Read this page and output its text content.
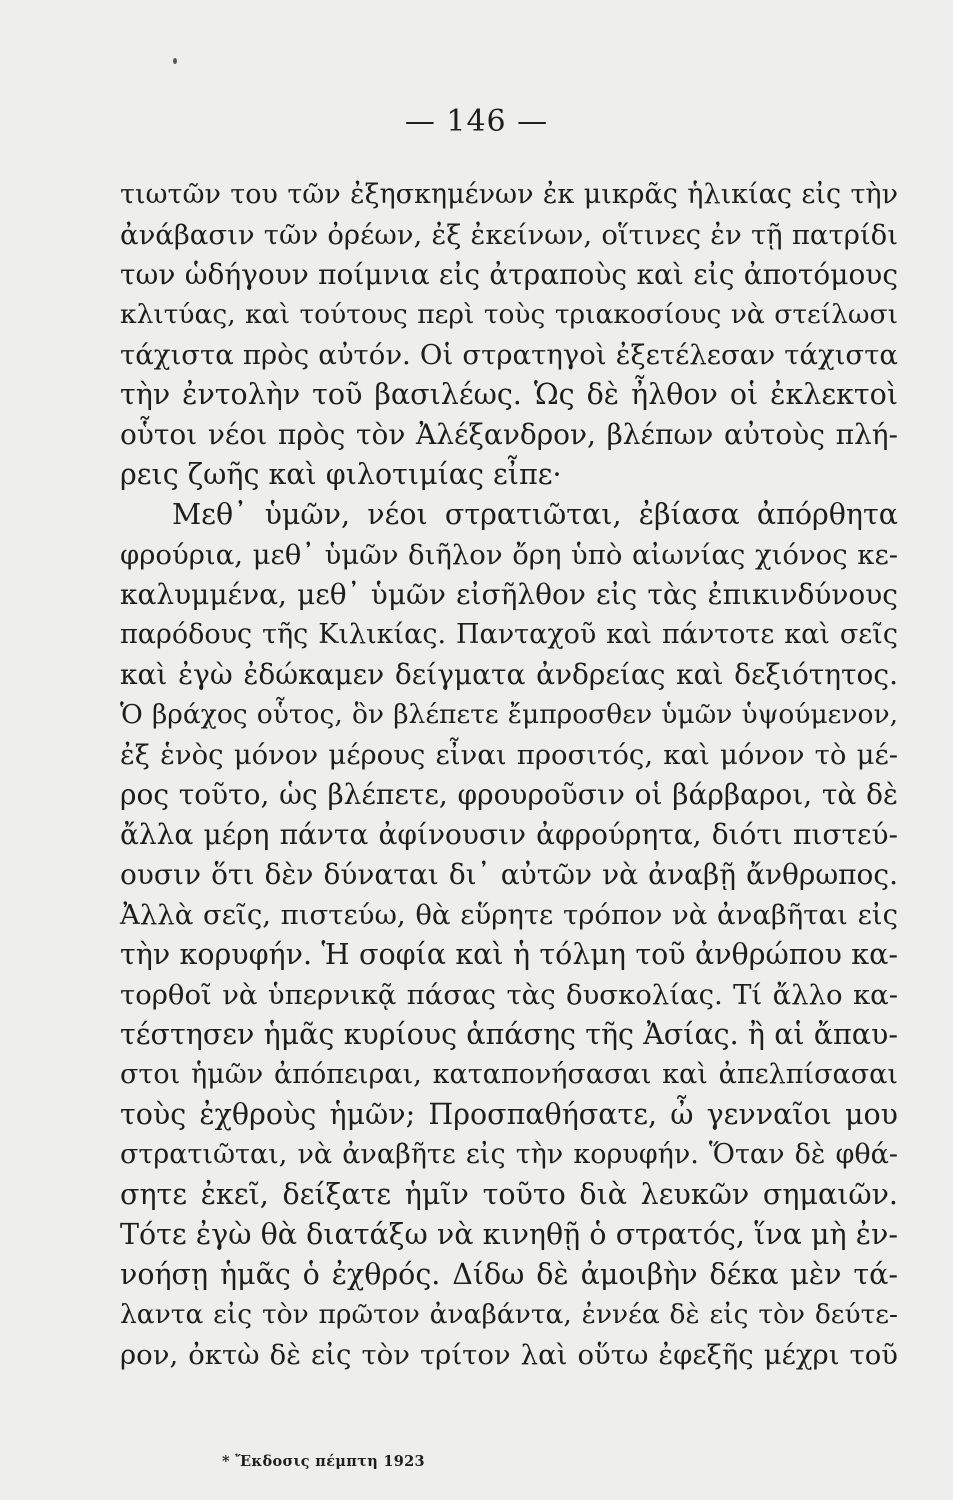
— 146 —
τιωτῶν του τῶν ἐξησκημένων ἐκ μικρᾶς ἡλικίας εἰς τὴν
ἀνάβασιν τῶν ὀρέων, ἐξ ἐκείνων, οἵτινες ἐν τῇ πατρίδι
των ὡδήγουν ποίμνια εἰς ἀτραποὺς καὶ εἰς ἀποτόμους
κλιτύας, καὶ τούτους περὶ τοὺς τριακοσίους νὰ στείλωσι
τάχιστα πρὸς αὐτόν. Οἱ στρατηγοὶ ἐξετέλεσαν τάχιστα
τὴν ἐντολὴν τοῦ βασιλέως. Ὡς δὲ ἦλθον οἱ ἐκλεκτοὶ
οὗτοι νέοι πρὸς τὸν Ἀλέξανδρον, βλέπων αὐτοὺς πλή-
ρεις ζωῆς καὶ φιλοτιμίας εἶπε·
Μεθ᾽ ὑμῶν, νέοι στρατιῶται, ἐβίασα ἀπόρθητα
φρούρια, μεθ᾽ ὑμῶν διῆλον ὄρη ὑπὸ αἰωνίας χιόνος κε-
καλυμμένα, μεθ᾽ ὑμῶν εἰσῆλθον εἰς τὰς ἐπικινδύνους
παρόδους τῆς Κιλικίας. Πανταχοῦ καὶ πάντοτε καὶ σεῖς
καὶ ἐγὼ ἐδώκαμεν δείγματα ἀνδρείας καὶ δεξιότητος.
Ὁ βράχος οὗτος, ὃν βλέπετε ἔμπροσθεν ὑμῶν ὑψούμενον,
ἐξ ἑνὸς μόνον μέρους εἶναι προσιτός, καὶ μόνον τὸ μέ-
ρος τοῦτο, ὡς βλέπετε, φρουροῦσιν οἱ βάρβαροι, τὰ δὲ
ἄλλα μέρη πάντα ἀφίνουσιν ἀφρούρητα, διότι πιστεύ-
ουσιν ὅτι δὲν δύναται δι᾽ αὐτῶν νὰ ἀναβῇ ἄνθρωπος.
Ἀλλὰ σεῖς, πιστεύω, θὰ εὕρητε τρόπον νὰ ἀναβῆται εἰς
τὴν κορυφήν. Ἡ σοφία καὶ ἡ τόλμη τοῦ ἀνθρώπου κα-
τορθοῖ νὰ ὑπερνικᾷ πάσας τὰς δυσκολίας. Τί ἄλλο κα-
τέστησεν ἡμᾶς κυρίους ἁπάσης τῆς Ἀσίας. ἢ αἱ ἄπαυ-
στοι ἡμῶν ἀπόπειραι, καταπονήσασαι καὶ ἀπελπίσασαι
τοὺς ἐχθροὺς ἡμῶν; Προσπαθήσατε, ὦ γενναῖοι μου
στρατιῶται, νὰ ἀναβῆτε εἰς τὴν κορυφήν. Ὅταν δὲ φθά-
σητε ἐκεῖ, δείξατε ἡμῖν τοῦτο διὰ λευκῶν σημαιῶν.
Τότε ἐγὼ θὰ διατάξω νὰ κινηθῇ ὁ στρατός, ἵνα μὴ ἐν-
νοήσῃ ἡμᾶς ὁ ἐχθρός. Δίδω δὲ ἀμοιβὴν δέκα μὲν τά-
λαντα εἰς τὸν πρῶτον ἀναβάντα, ἐννέα δὲ εἰς τὸν δεύτε-
ρον, ὀκτὼ δὲ εἰς τὸν τρίτον λαὶ οὕτω ἐφεξῆς μέχρι τοῦ
* Ἔκδοσις πέμπτη 1923
